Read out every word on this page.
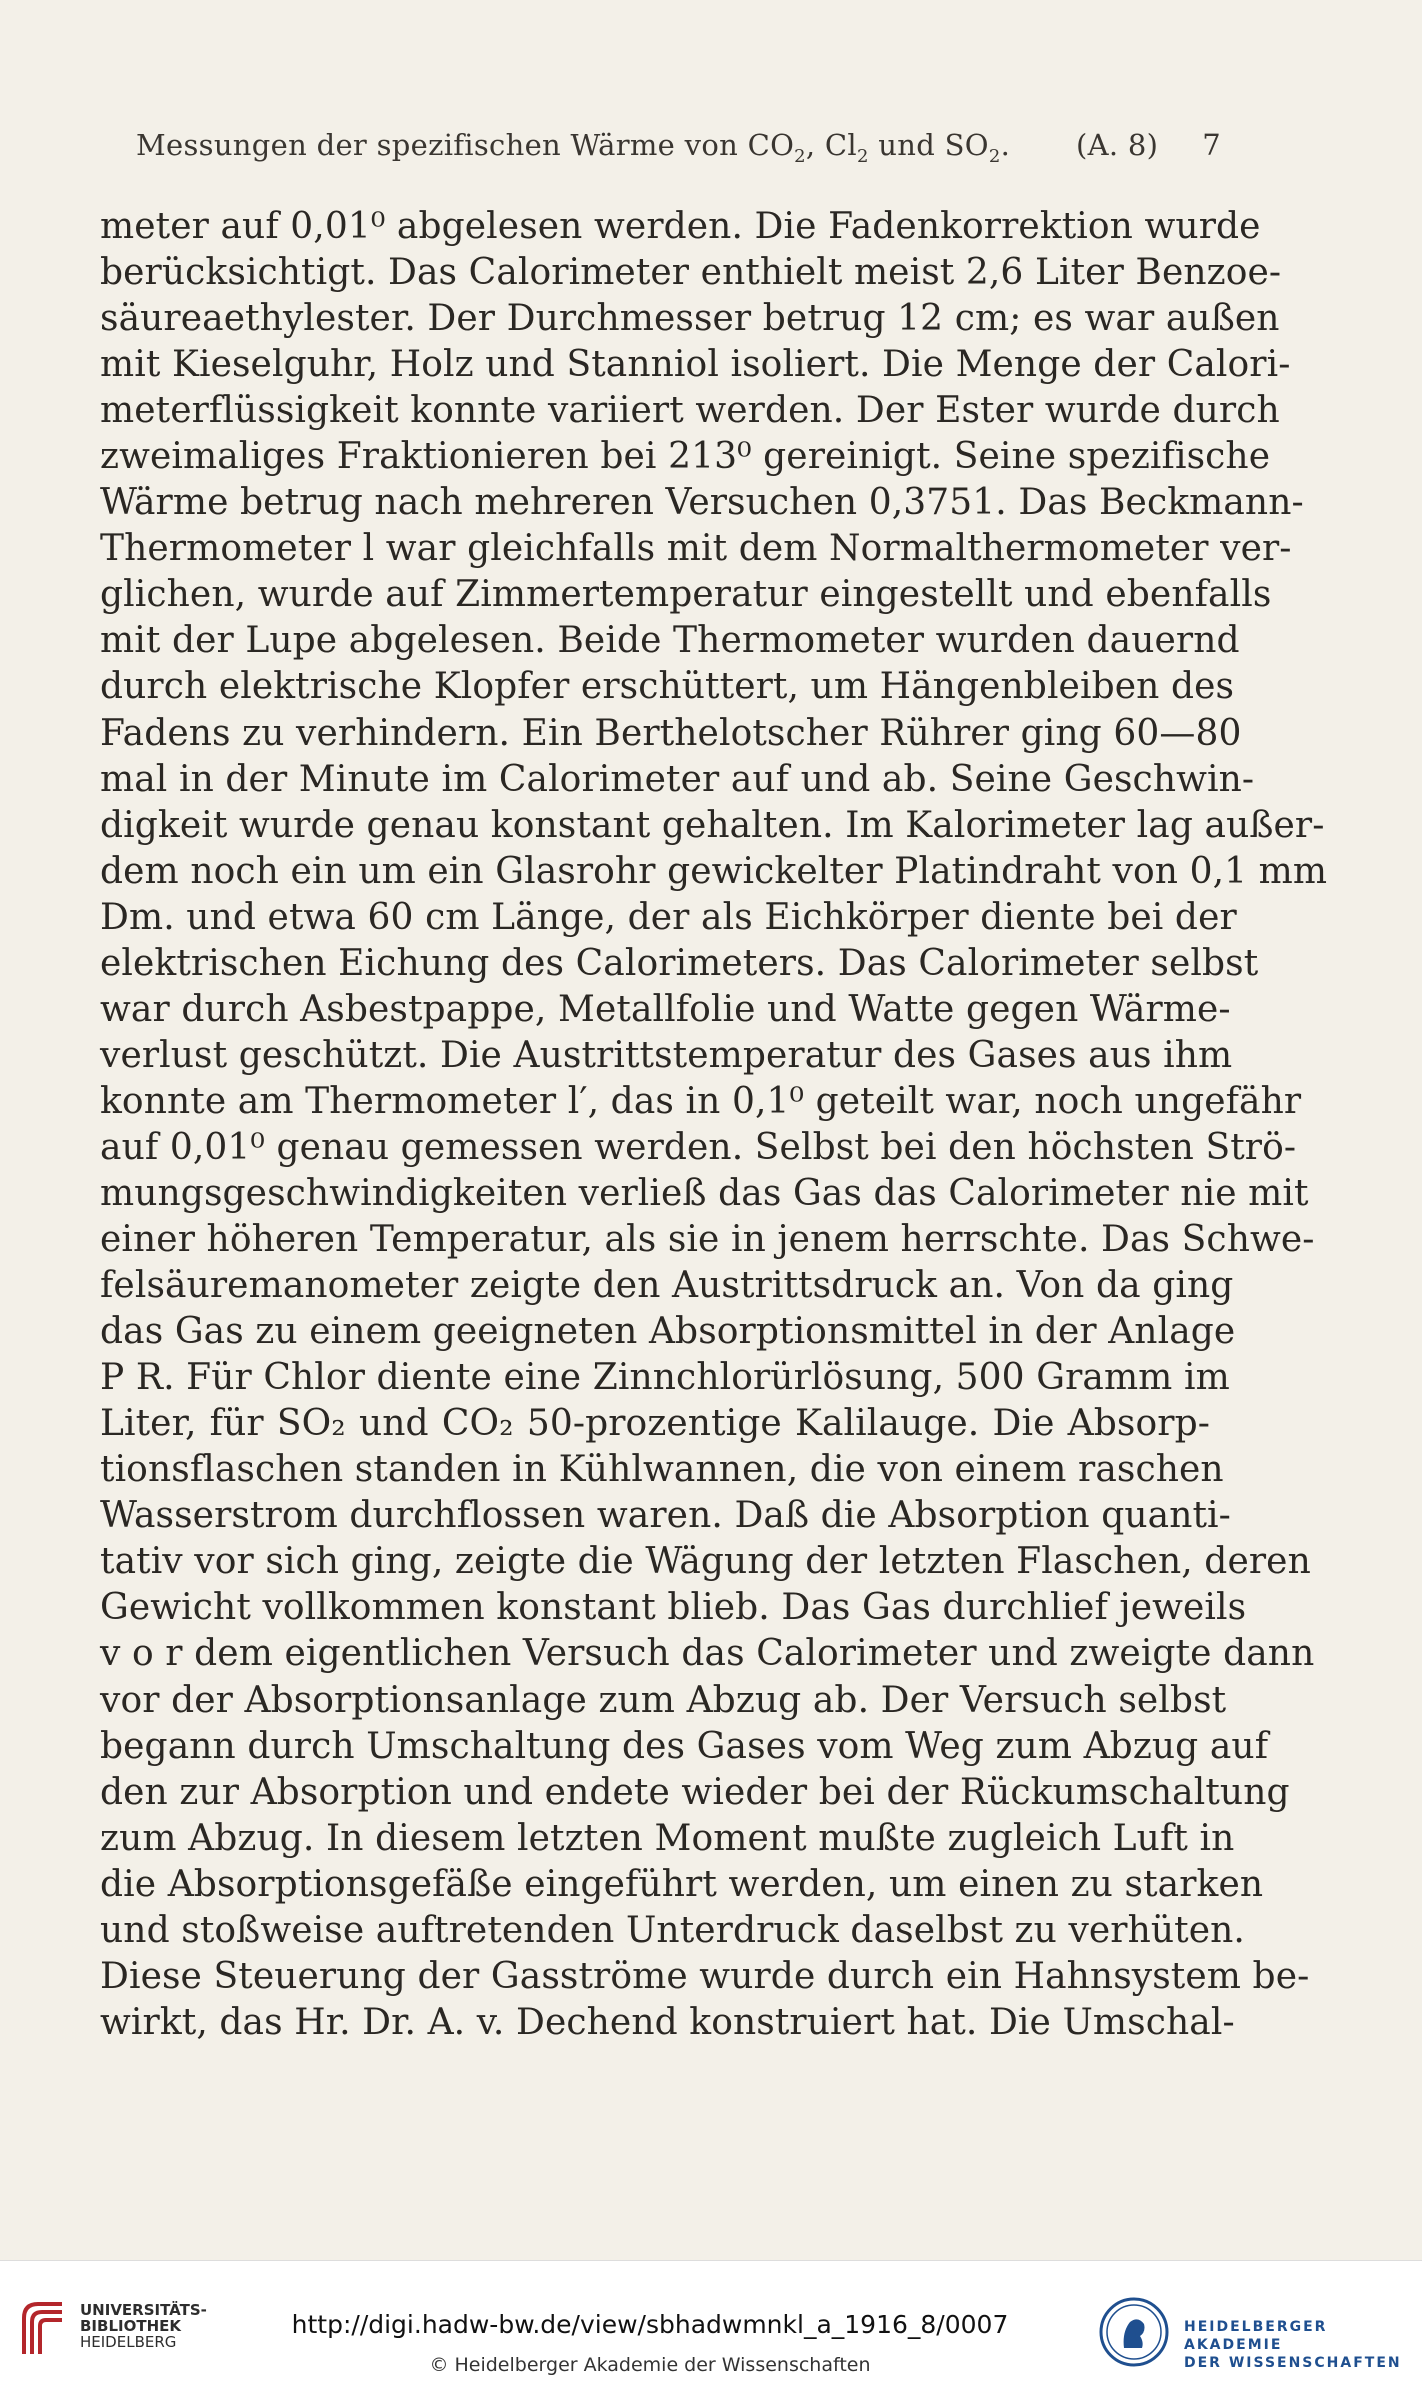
Messungen der spezifischen Wärme von $CO_2$, $Cl_2$ und $SO_2$. (A. 8) 7
meter auf 0,01⁰ abgelesen werden. Die Fadenkorrektion wurde
berücksichtigt. Das Calorimeter enthielt meist 2,6 Liter Benzoe-
säureaethylester. Der Durchmesser betrug 12 cm; es war außen
mit Kieselguhr, Holz und Stanniol isoliert. Die Menge der Calori-
meterflüssigkeit konnte variiert werden. Der Ester wurde durch
zweimaliges Fraktionieren bei 213⁰ gereinigt. Seine spezifische
Wärme betrug nach mehreren Versuchen 0,3751. Das Beckmann-
Thermometer l war gleichfalls mit dem Normalthermometer ver-
glichen, wurde auf Zimmertemperatur eingestellt und ebenfalls
mit der Lupe abgelesen. Beide Thermometer wurden dauernd
durch elektrische Klopfer erschüttert, um Hängenbleiben des
Fadens zu verhindern. Ein Berthelotscher Rührer ging 60—80
mal in der Minute im Calorimeter auf und ab. Seine Geschwin-
digkeit wurde genau konstant gehalten. Im Kalorimeter lag außer-
dem noch ein um ein Glasrohr gewickelter Platindraht von 0,1 mm
Dm. und etwa 60 cm Länge, der als Eichkörper diente bei der
elektrischen Eichung des Calorimeters. Das Calorimeter selbst
war durch Asbestpappe, Metallfolie und Watte gegen Wärme-
verlust geschützt. Die Austrittstemperatur des Gases aus ihm
konnte am Thermometer l′, das in 0,1⁰ geteilt war, noch ungefähr
auf 0,01⁰ genau gemessen werden. Selbst bei den höchsten Strö-
mungsgeschwindigkeiten verließ das Gas das Calorimeter nie mit
einer höheren Temperatur, als sie in jenem herrschte. Das Schwe-
felsäuremanometer zeigte den Austrittsdruck an. Von da ging
das Gas zu einem geeigneten Absorptionsmittel in der Anlage
P R. Für Chlor diente eine Zinnchlorürlösung, 500 Gramm im
Liter, für SO₂ und CO₂ 50-prozentige Kalilauge. Die Absorp-
tionsflaschen standen in Kühlwannen, die von einem raschen
Wasserstrom durchflossen waren. Daß die Absorption quanti-
tativ vor sich ging, zeigte die Wägung der letzten Flaschen, deren
Gewicht vollkommen konstant blieb. Das Gas durchlief jeweils
v o r dem eigentlichen Versuch das Calorimeter und zweigte dann
vor der Absorptionsanlage zum Abzug ab. Der Versuch selbst
begann durch Umschaltung des Gases vom Weg zum Abzug auf
den zur Absorption und endete wieder bei der Rückumschaltung
zum Abzug. In diesem letzten Moment mußte zugleich Luft in
die Absorptionsgefäße eingeführt werden, um einen zu starken
und stoßweise auftretenden Unterdruck daselbst zu verhüten.
Diese Steuerung der Gasströme wurde durch ein Hahnsystem be-
wirkt, das Hr. Dr. A. v. Dechend konstruiert hat. Die Umschal-
UNIVERSITÄTS-
BIBLIOTHEK
HEIDELBERG
http://digi.hadw-bw.de/view/sbhadwmnkl_a_1916_8/0007
© Heidelberger Akademie der Wissenschaften
HEIDELBERGER AKADEMIE
DER WISSENSCHAFTEN
